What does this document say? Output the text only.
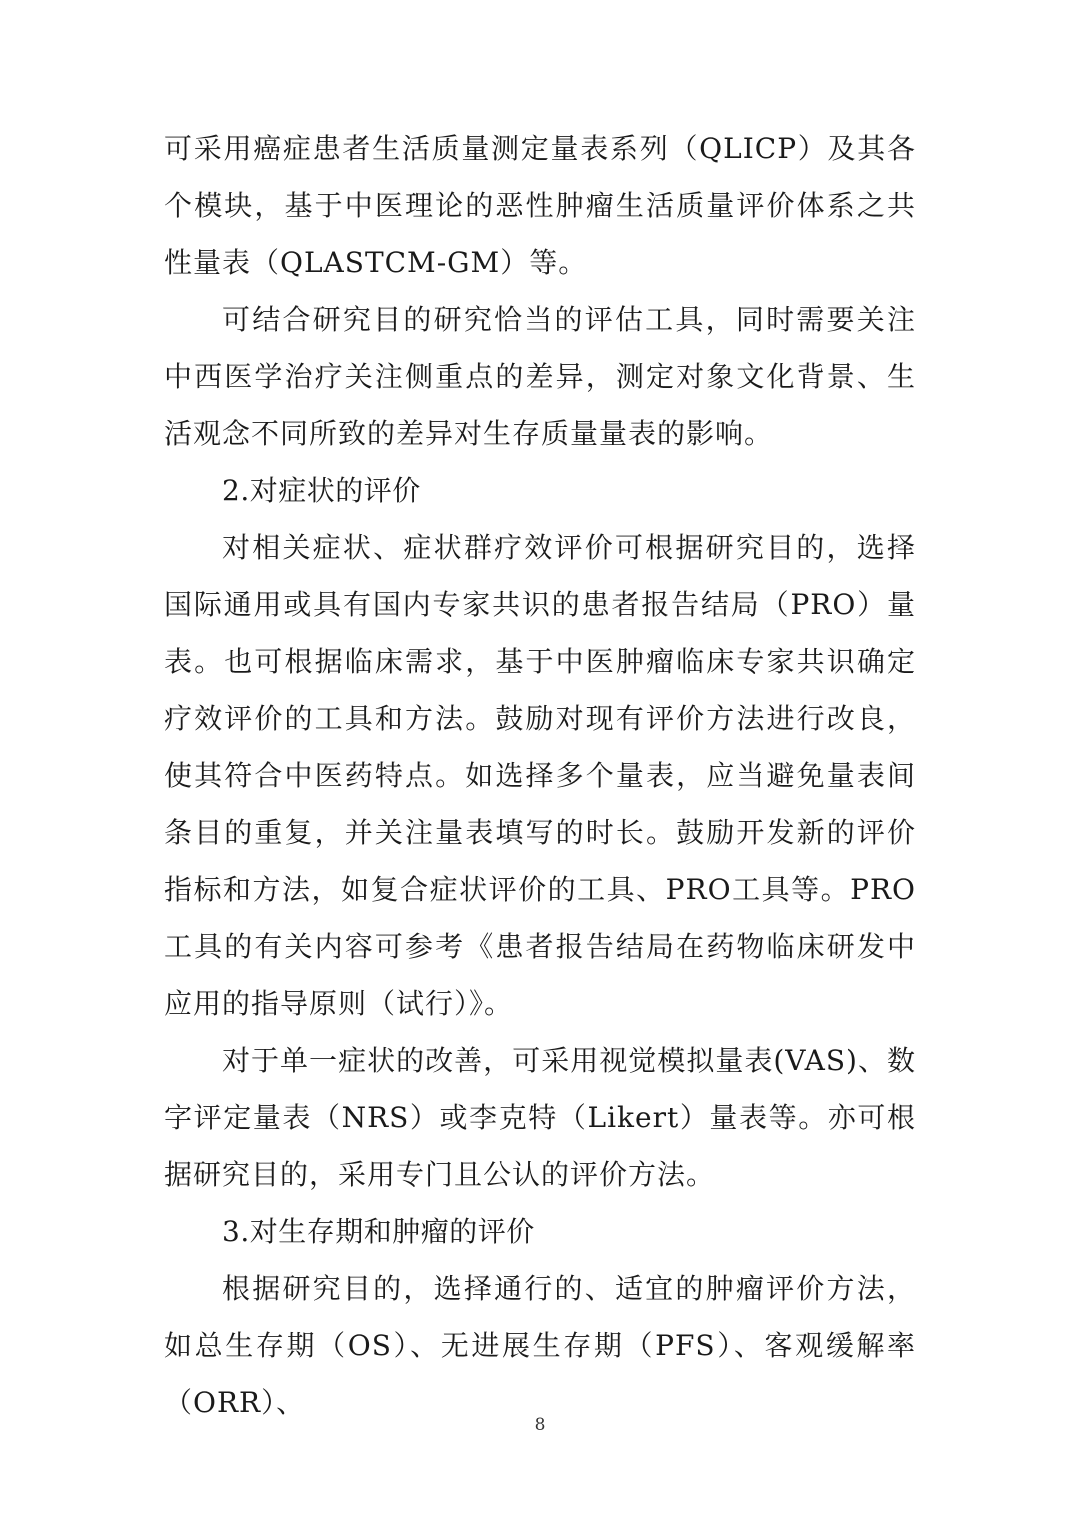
可采用癌症患者生活质量测定量表系列（QLICP）及其各个模块，基于中医理论的恶性肿瘤生活质量评价体系之共性量表（QLASTCM-GM）等。

可结合研究目的研究恰当的评估工具，同时需要关注中西医学治疗关注侧重点的差异，测定对象文化背景、生活观念不同所致的差异对生存质量量表的影响。

2.对症状的评价

对相关症状、症状群疗效评价可根据研究目的，选择国际通用或具有国内专家共识的患者报告结局（PRO）量表。也可根据临床需求，基于中医肿瘤临床专家共识确定疗效评价的工具和方法。鼓励对现有评价方法进行改良，使其符合中医药特点。如选择多个量表，应当避免量表间条目的重复，并关注量表填写的时长。鼓励开发新的评价指标和方法，如复合症状评价的工具、PRO工具等。PRO工具的有关内容可参考《患者报告结局在药物临床研发中应用的指导原则（试行）》。

对于单一症状的改善，可采用视觉模拟量表(VAS)、数字评定量表（NRS）或李克特（Likert）量表等。亦可根据研究目的，采用专门且公认的评价方法。

3.对生存期和肿瘤的评价

根据研究目的，选择通行的、适宜的肿瘤评价方法，如总生存期（OS）、无进展生存期（PFS）、客观缓解率（ORR）、

8
